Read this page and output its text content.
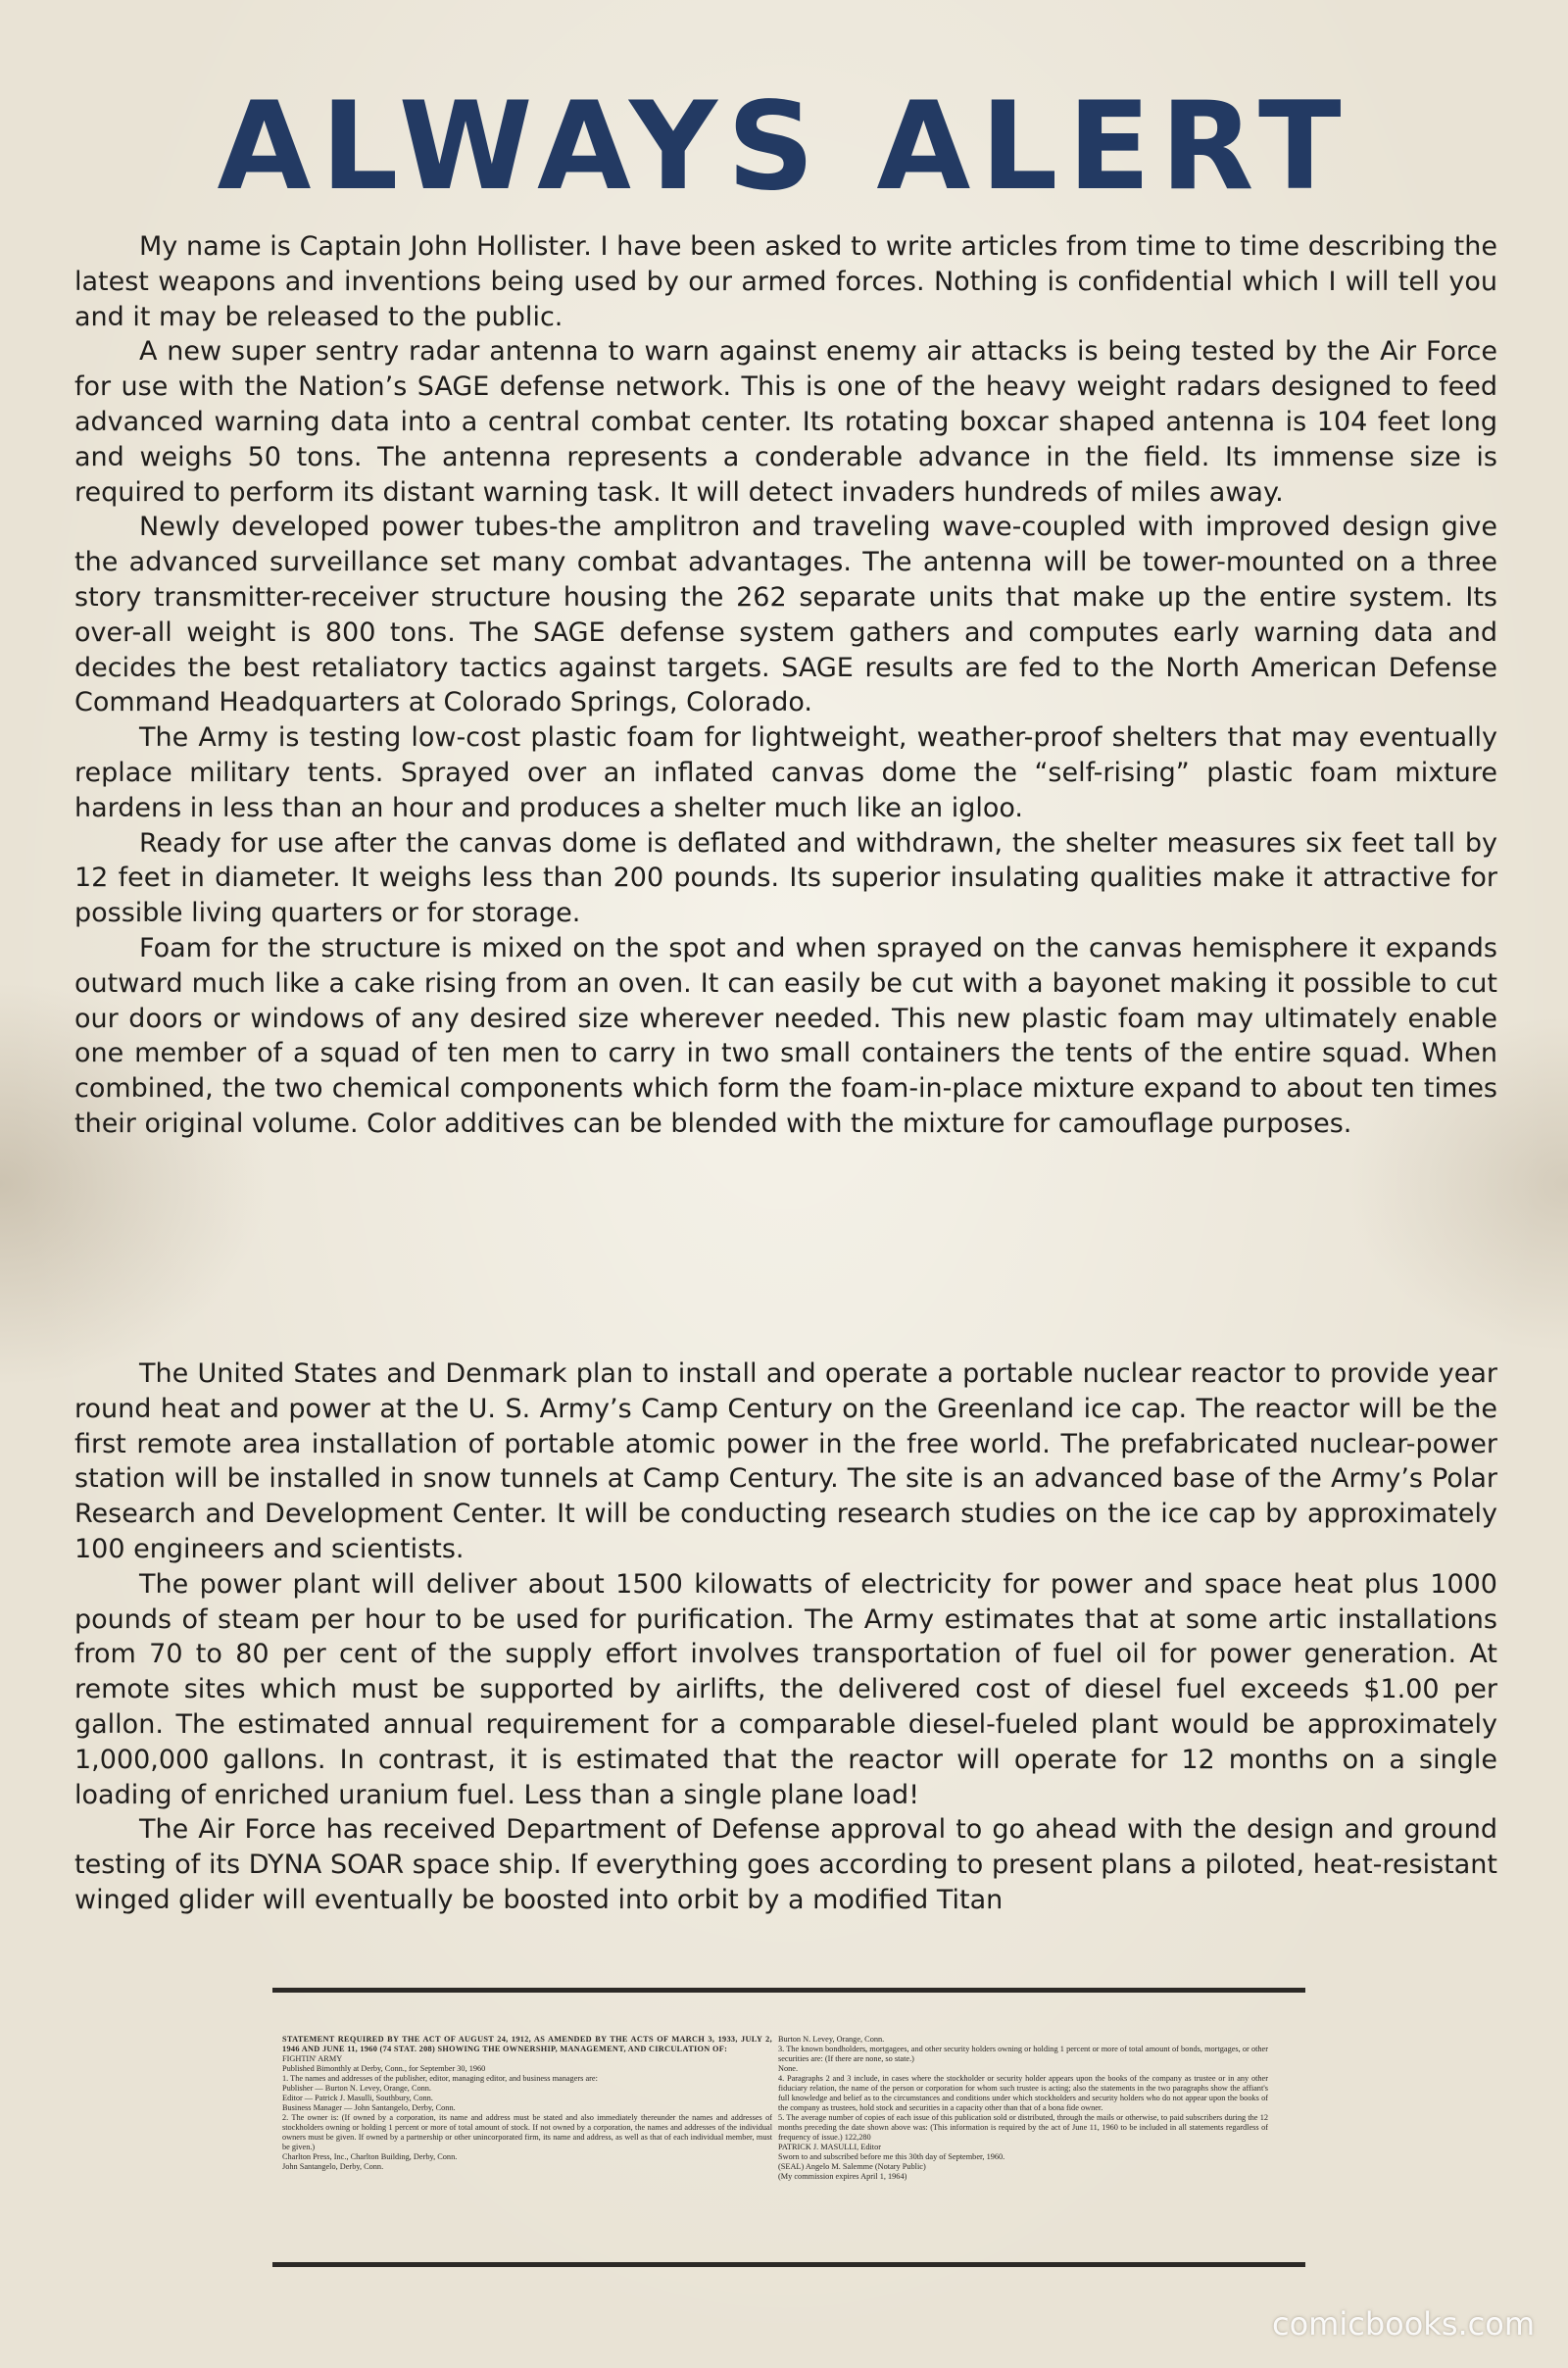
ALWAYS ALERT

My name is Captain John Hollister. I have been asked to write articles from time to time describing the latest weapons and inventions being used by our armed forces. Nothing is confidential which I will tell you and it may be released to the public.

A new super sentry radar antenna to warn against enemy air attacks is being tested by the Air Force for use with the Nation’s SAGE defense network. This is one of the heavy weight radars designed to feed advanced warning data into a central combat center. Its rotating boxcar shaped antenna is 104 feet long and weighs 50 tons. The antenna represents a conderable advance in the field. Its immense size is required to perform its distant warning task. It will detect invaders hundreds of miles away.

Newly developed power tubes-the amplitron and traveling wave-coupled with improved design give the advanced surveillance set many combat advantages. The antenna will be tower-mounted on a three story transmitter-receiver structure housing the 262 separate units that make up the entire system. Its over-all weight is 800 tons. The SAGE defense system gathers and computes early warning data and decides the best retaliatory tactics against targets. SAGE results are fed to the North American Defense Command Headquarters at Colorado Springs, Colorado.

The Army is testing low-cost plastic foam for lightweight, weather-proof shelters that may eventually replace military tents. Sprayed over an inflated canvas dome the “self-rising” plastic foam mixture hardens in less than an hour and produces a shelter much like an igloo.

Ready for use after the canvas dome is deflated and withdrawn, the shelter measures six feet tall by 12 feet in diameter. It weighs less than 200 pounds. Its superior insulating qualities make it attractive for possible living quarters or for storage.

Foam for the structure is mixed on the spot and when sprayed on the canvas hemisphere it expands outward much like a cake rising from an oven. It can easily be cut with a bayonet making it possible to cut our doors or windows of any desired size wherever needed. This new plastic foam may ultimately enable one member of a squad of ten men to carry in two small containers the tents of the entire squad. When combined, the two chemical components which form the foam-in-place mixture expand to about ten times their original volume. Color additives can be blended with the mixture for camouflage purposes.

The United States and Denmark plan to install and operate a portable nuclear reactor to provide year round heat and power at the U. S. Army’s Camp Century on the Greenland ice cap. The reactor will be the first remote area installation of portable atomic power in the free world. The prefabricated nuclear-power station will be installed in snow tunnels at Camp Century. The site is an advanced base of the Army’s Polar Research and Development Center. It will be conducting research studies on the ice cap by approximately 100 engineers and scientists.

The power plant will deliver about 1500 kilowatts of electricity for power and space heat plus 1000 pounds of steam per hour to be used for purification. The Army estimates that at some artic installations from 70 to 80 per cent of the supply effort involves transportation of fuel oil for power generation. At remote sites which must be supported by airlifts, the delivered cost of diesel fuel exceeds $1.00 per gallon. The estimated annual requirement for a comparable diesel-fueled plant would be approximately 1,000,000 gallons. In contrast, it is estimated that the reactor will operate for 12 months on a single loading of enriched uranium fuel. Less than a single plane load!

The Air Force has received Department of Defense approval to go ahead with the design and ground testing of its DYNA SOAR space ship. If everything goes according to present plans a piloted, heat-resistant winged glider will eventually be boosted into orbit by a modified Titan

STATEMENT REQUIRED BY THE ACT OF AUGUST 24, 1912, AS AMENDED BY THE ACTS OF MARCH 3, 1933, JULY 2, 1946 AND JUNE 11, 1960 (74 STAT. 208) SHOWING THE OWNERSHIP, MANAGEMENT, AND CIRCULATION OF:
FIGHTIN' ARMY
Published Bimonthly at Derby, Conn., for September 30, 1960
1. The names and addresses of the publisher, editor, managing editor, and business managers are:
Publisher — Burton N. Levey, Orange, Conn.
Editor — Patrick J. Masulli, Southbury, Conn.
Business Manager — John Santangelo, Derby, Conn.
2. The owner is: (If owned by a corporation, its name and address must be stated and also immediately thereunder the names and addresses of stockholders owning or holding 1 percent or more of total amount of stock. If not owned by a corporation, the names and addresses of the individual owners must be given. If owned by a partnership or other unincorporated firm, its name and address, as well as that of each individual member, must be given.)
Charlton Press, Inc., Charlton Building, Derby, Conn.
John Santangelo, Derby, Conn.
Burton N. Levey, Orange, Conn.
3. The known bondholders, mortgagees, and other security holders owning or holding 1 percent or more of total amount of bonds, mortgages, or other securities are: (If there are none, so state.)
None.
4. Paragraphs 2 and 3 include, in cases where the stockholder or security holder appears upon the books of the company as trustee or in any other fiduciary relation, the name of the person or corporation for whom such trustee is acting; also the statements in the two paragraphs show the affiant's full knowledge and belief as to the circumstances and conditions under which stockholders and security holders who do not appear upon the books of the company as trustees, hold stock and securities in a capacity other than that of a bona fide owner.
5. The average number of copies of each issue of this publication sold or distributed, through the mails or otherwise, to paid subscribers during the 12 months preceding the date shown above was: (This information is required by the act of June 11, 1960 to be included in all statements regardless of frequency of issue.) 122,280
PATRICK J. MASULLI, Editor
Sworn to and subscribed before me this 30th day of September, 1960.
(SEAL) Angelo M. Salemme (Notary Public)
(My commission expires April 1, 1964)
comicbooks.com
